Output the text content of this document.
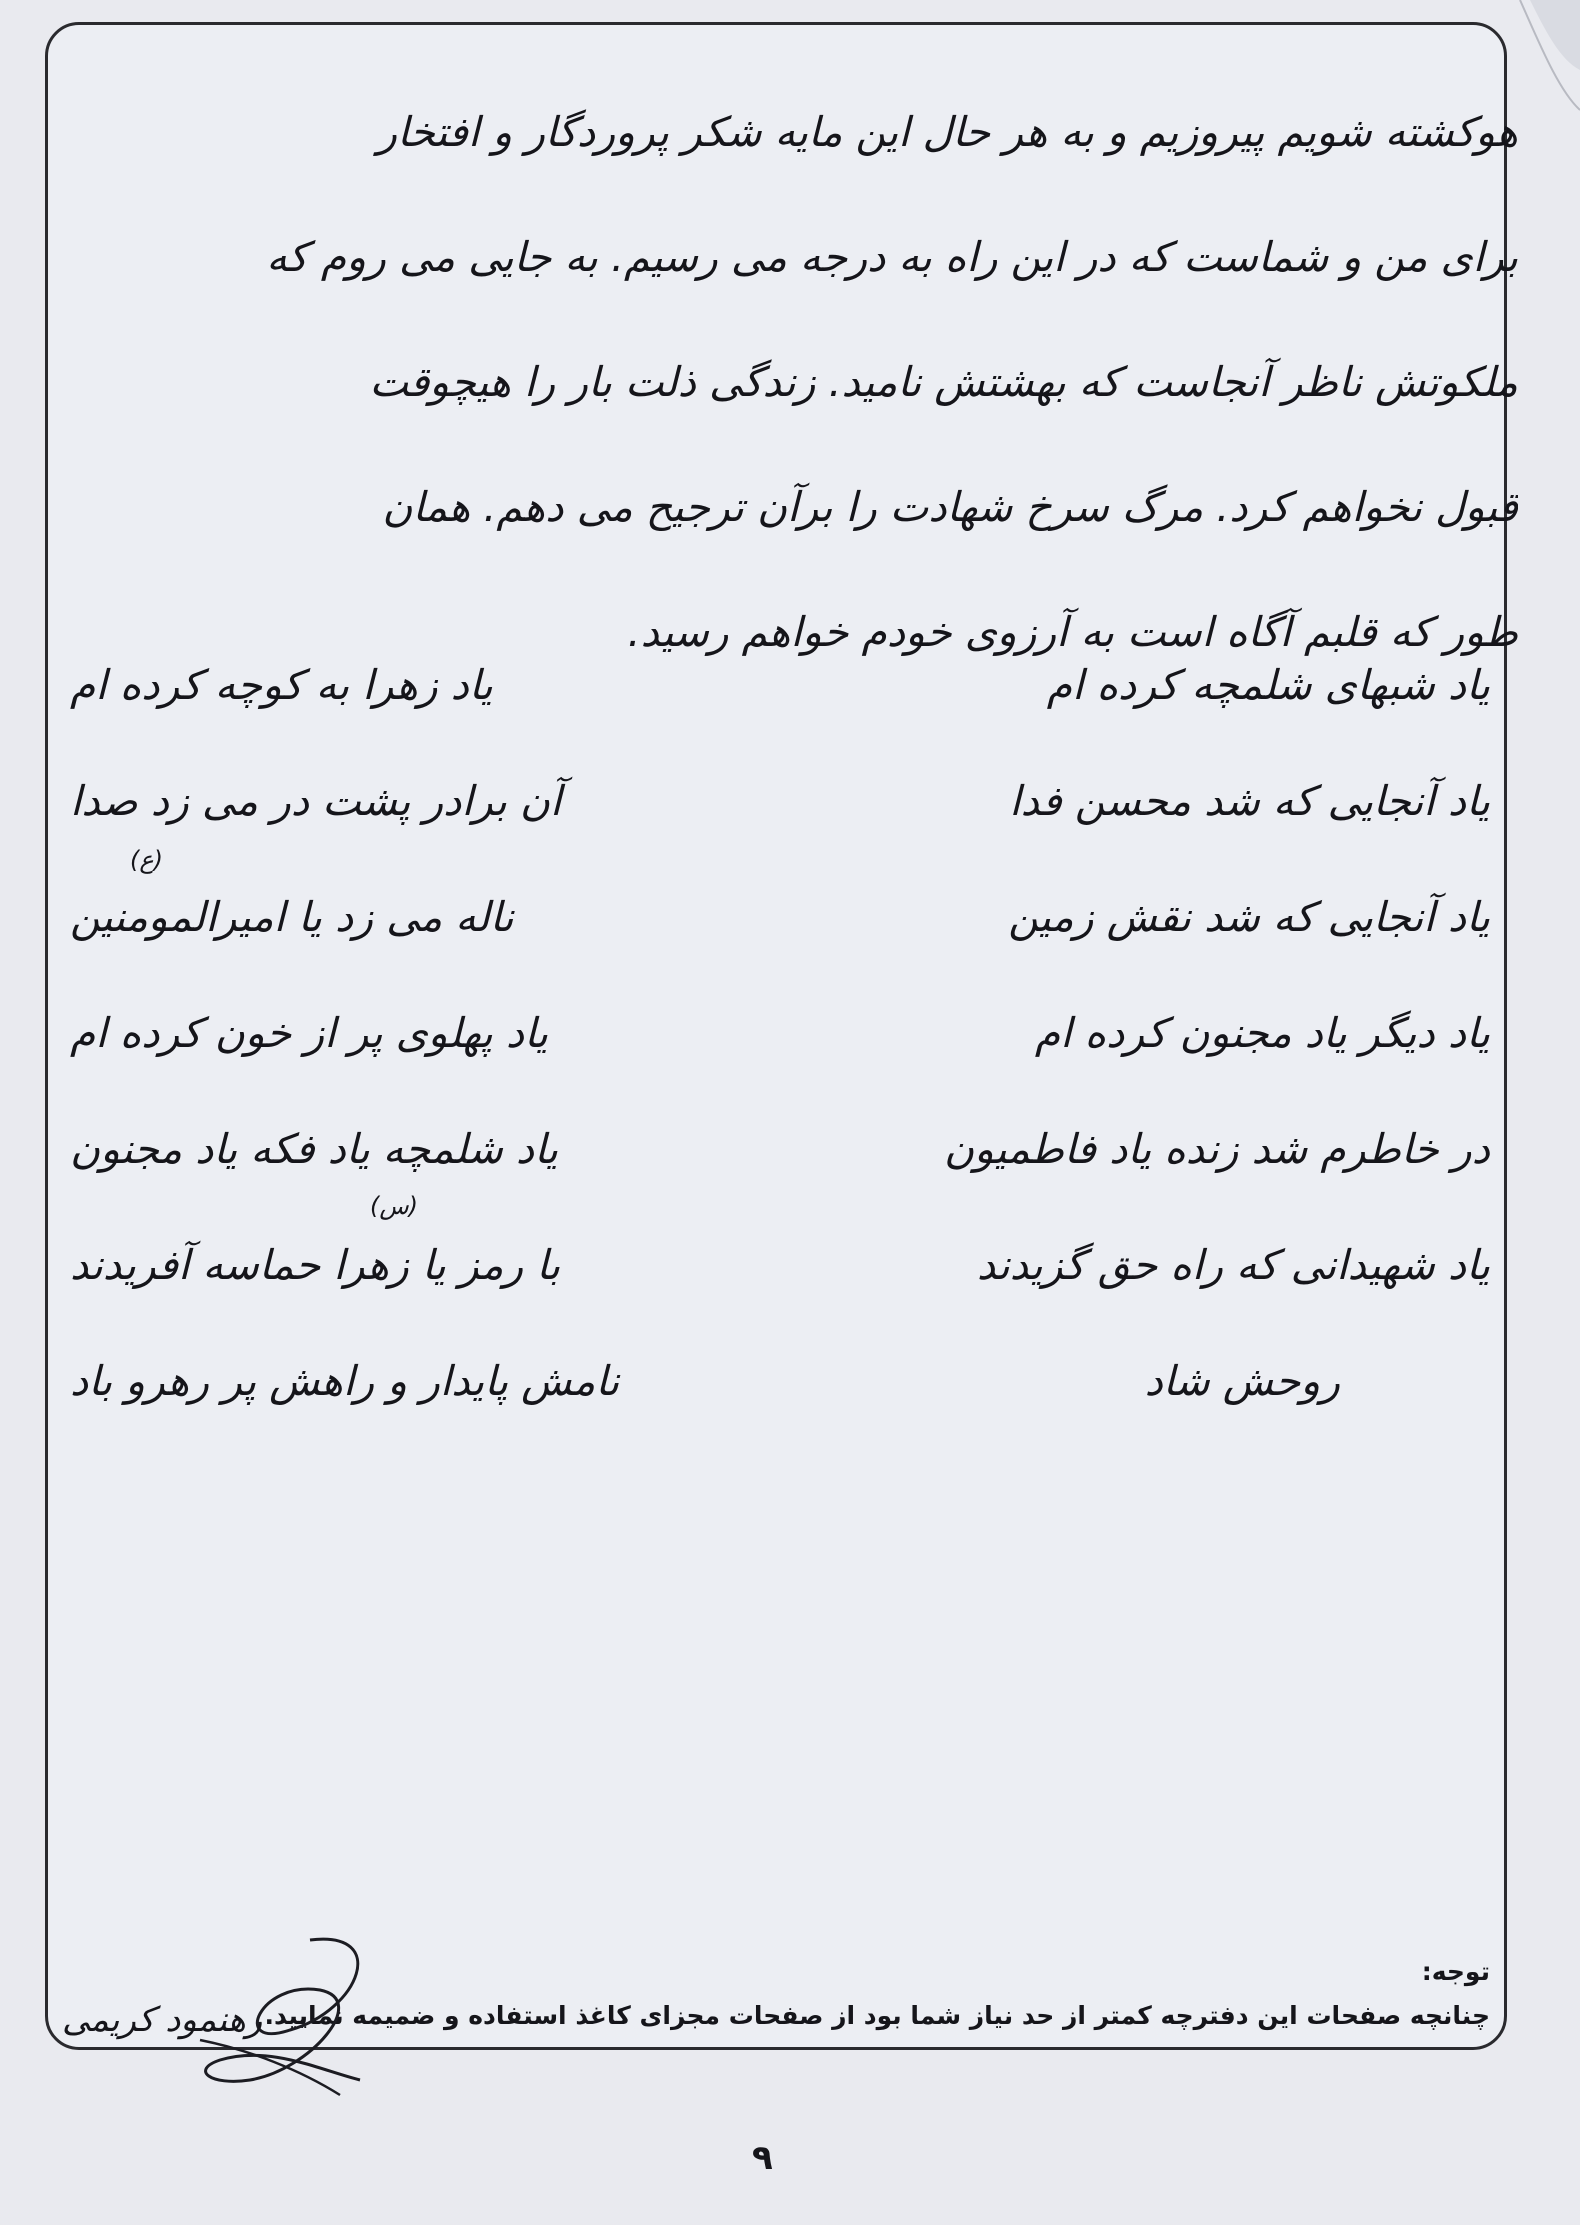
هوکشته شویم پیروزیم و به هر حال این مایه شکر پروردگار و افتخار
برای من و شماست که در این راه به درجه می رسیم. به جایی می روم که
ملکوتش ناظر آنجاست که بهشتش نامید. زندگی ذلت بار را هیچوقت
قبول نخواهم کرد. مرگ سرخ شهادت را برآن ترجیح می دهم. همان
طور که قلبم آگاه است به آرزوی خودم خواهم رسید.
یاد شبهای شلمچه کرده ام
یاد زهرا به کوچه کرده ام
یاد آنجایی که شد محسن فدا
آن برادر پشت در می زد صدا
یاد آنجایی که شد نقش زمین
ناله می زد یا امیرالمومنین
(ع)
یاد دیگر یاد مجنون کرده ام
یاد پهلوی پر از خون کرده ام
در خاطرم شد زنده یاد فاطمیون
یاد شلمچه یاد فکه یاد مجنون
یاد شهیدانی که راه حق گزیدند
با رمز یا زهرا حماسه آفریدند
(س)
روحش شاد
نامش پایدار و راهش پر رهرو باد
توجه:
چنانچه صفحات این دفترچه کمتر از حد نیاز شما بود از صفحات مجزای کاغذ استفاده و ضمیمه نمایید.
رهنمود کریمی
۹
